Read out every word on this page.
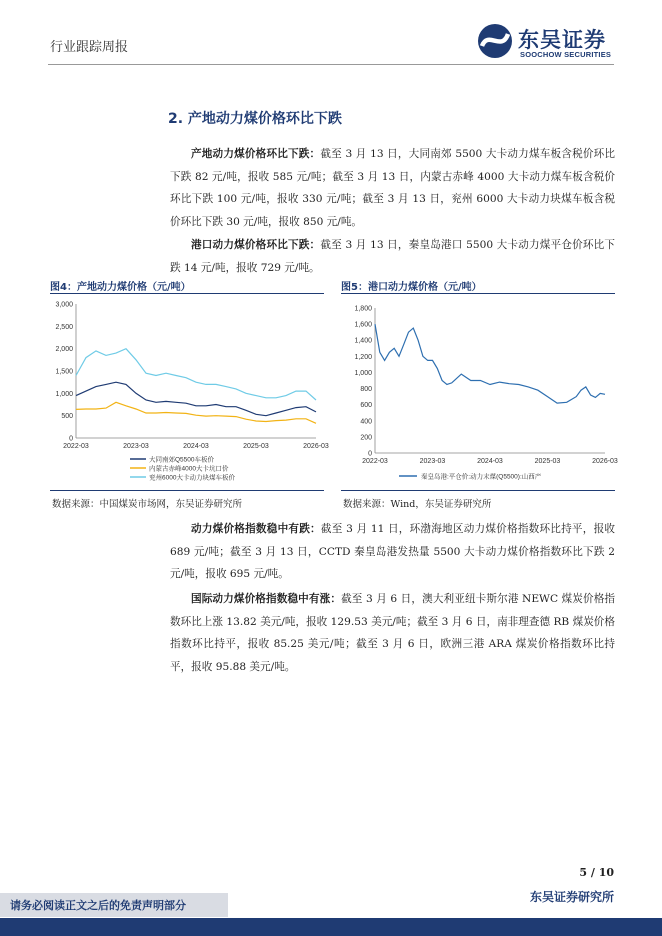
行业跟踪周报	东吴证券
SOOCHOW SECURITIES
2. 产地动力煤价格环比下跌
产地动力煤价格环比下跌：截至 3 月 13 日，大同南郊 5500 大卡动力煤车板含税价环比下跌 82 元/吨，报收 585 元/吨；截至 3 月 13 日，内蒙古赤峰 4000 大卡动力煤车板含税价环比下跌 100 元/吨，报收 330 元/吨；截至 3 月 13 日，兖州 6000 大卡动力块煤车板含税价环比下跌 30 元/吨，报收 850 元/吨。
港口动力煤价格环比下跌：截至 3 月 13 日，秦皇岛港口 5500 大卡动力煤平仓价环比下跌 14 元/吨，报收 729 元/吨。
图4：产地动力煤价格（元/吨）	图5：港口动力煤价格（元/吨）
3,000
2,500
2,000
1,500
1,000
500
0
2022-03	2023-03	2024-03	2025-03	2026-03
大同南郊Q5500车板价
内蒙古赤峰4000大卡坑口价
兖州6000大卡动力块煤车板价
1,800
1,600
1,400
1,200
1,000
800
600
400
200
0
2022-03	2023-03	2024-03	2025-03	2026-03
秦皇岛港:平仓价:动力末煤(Q5500):山西产
数据来源：中国煤炭市场网，东吴证券研究所	数据来源：Wind，东吴证券研究所
动力煤价格指数稳中有跌：截至 3 月 11 日，环渤海地区动力煤价格指数环比持平，报收 689 元/吨；截至 3 月 13 日，CCTD 秦皇岛港发热量 5500 大卡动力煤价格指数环比下跌 2 元/吨，报收 695 元/吨。
国际动力煤价格指数稳中有涨：截至 3 月 6 日，澳大利亚纽卡斯尔港 NEWC 煤炭价格指数环比上涨 13.82 美元/吨，报收 129.53 美元/吨；截至 3 月 6 日，南非理查德 RB 煤炭价格指数环比持平，报收 85.25 美元/吨；截至 3 月 6 日，欧洲三港 ARA 煤炭价格指数环比持平，报收 95.88 美元/吨。
5 / 10
东吴证券研究所
请务必阅读正文之后的免责声明部分
